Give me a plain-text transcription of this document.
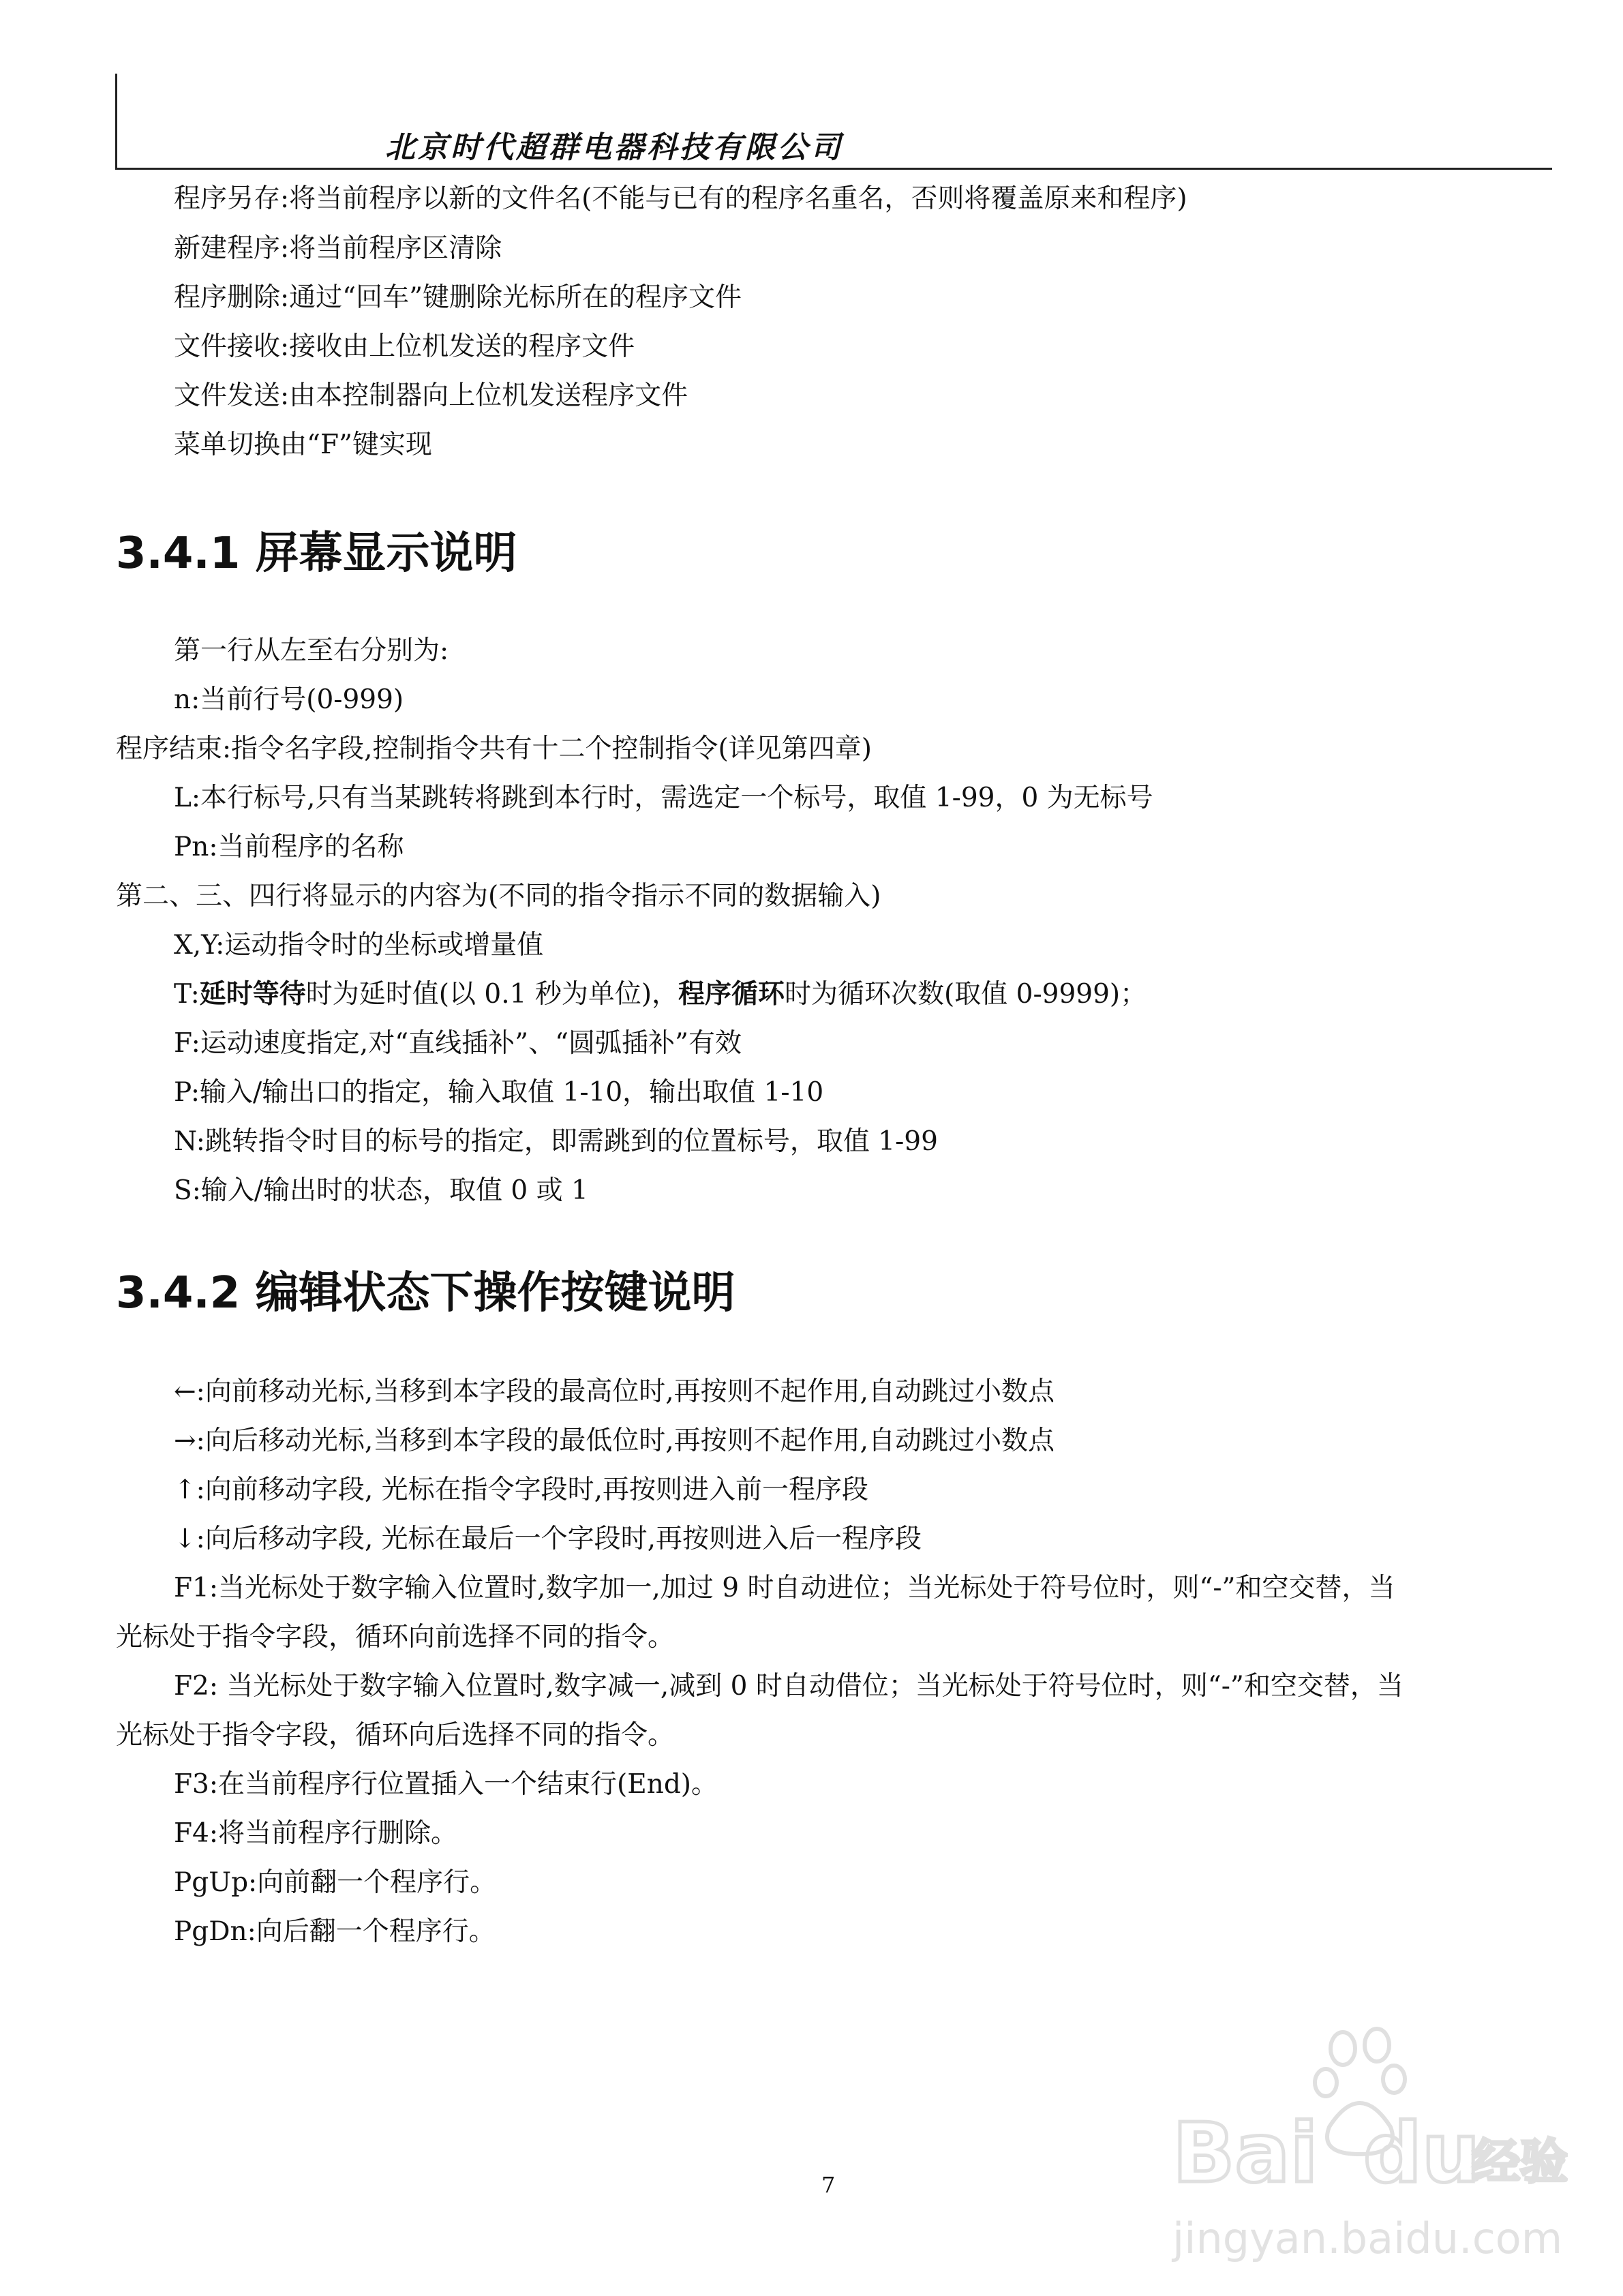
北京时代超群电器科技有限公司
程序另存:将当前程序以新的文件名(不能与已有的程序名重名，否则将覆盖原来和程序)
新建程序:将当前程序区清除
程序删除:通过“回车”键删除光标所在的程序文件
文件接收:接收由上位机发送的程序文件
文件发送:由本控制器向上位机发送程序文件
菜单切换由“F”键实现
3.4.1 屏幕显示说明
第一行从左至右分别为:
n:当前行号(0-999)
程序结束:指令名字段,控制指令共有十二个控制指令(详见第四章)
L:本行标号,只有当某跳转将跳到本行时，需选定一个标号，取值 1-99，0 为无标号
Pn:当前程序的名称
第二、三、四行将显示的内容为(不同的指令指示不同的数据输入)
X,Y:运动指令时的坐标或增量值
T:延时等待时为延时值(以 0.1 秒为单位)，程序循环时为循环次数(取值 0-9999)；
F:运动速度指定,对“直线插补”、“圆弧插补”有效
P:输入/输出口的指定，输入取值 1-10，输出取值 1-10
N:跳转指令时目的标号的指定，即需跳到的位置标号，取值 1-99
S:输入/输出时的状态，取值 0 或 1
3.4.2 编辑状态下操作按键说明
←:向前移动光标,当移到本字段的最高位时,再按则不起作用,自动跳过小数点
→:向后移动光标,当移到本字段的最低位时,再按则不起作用,自动跳过小数点
↑:向前移动字段, 光标在指令字段时,再按则进入前一程序段
↓:向后移动字段, 光标在最后一个字段时,再按则进入后一程序段
F1:当光标处于数字输入位置时,数字加一,加过 9 时自动进位；当光标处于符号位时，则“-”和空交替，当
光标处于指令字段，循环向前选择不同的指令。
F2: 当光标处于数字输入位置时,数字减一,减到 0 时自动借位；当光标处于符号位时，则“-”和空交替，当
光标处于指令字段，循环向后选择不同的指令。
F3:在当前程序行位置插入一个结束行(End)。
F4:将当前程序行删除。
PgUp:向前翻一个程序行。
PgDn:向后翻一个程序行。
7	Bai du
经验
jingyan.baidu.com
